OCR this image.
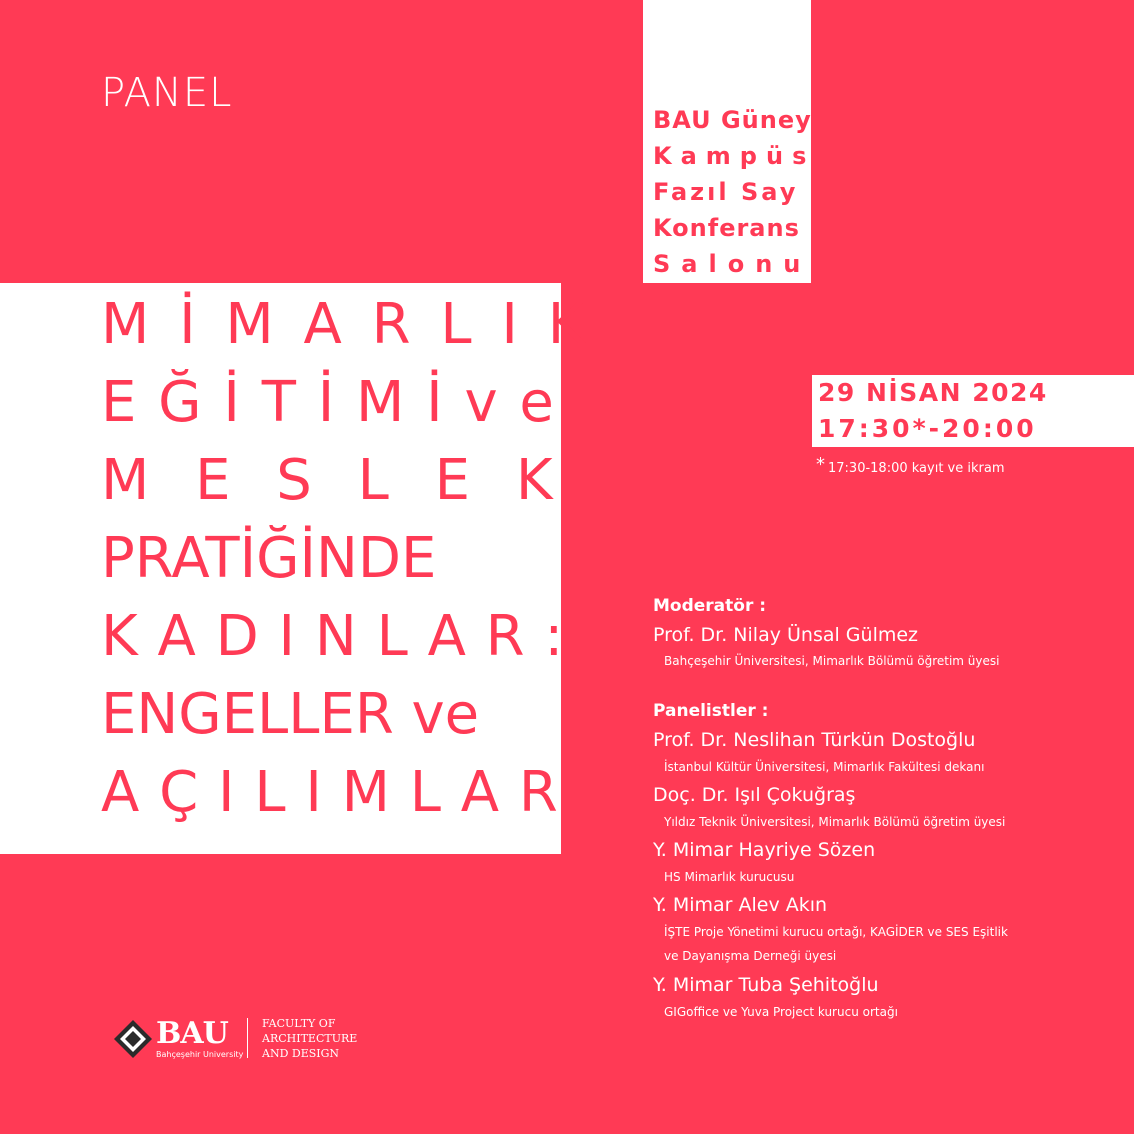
PANEL
BAU Güney
Kampüs
Fazıl Say
Konferans
Salonu
M İ M A R L I K
E Ğ İ T İ M İ v e
M E S L E K
PRATİĞİNDE
K A D I N L A R :
ENGELLER ve
A Ç I L I M L A R
29 NİSAN 2024
17:30*-20:00
* 17:30-18:00 kayıt ve ikram
Moderatör :
Prof. Dr. Nilay Ünsal Gülmez
Bahçeşehir Üniversitesi, Mimarlık Bölümü öğretim üyesi
Panelistler :
Prof. Dr. Neslihan Türkün Dostoğlu
İstanbul Kültür Üniversitesi, Mimarlık Fakültesi dekanı
Doç. Dr. Işıl Çokuğraş
Yıldız Teknik Üniversitesi, Mimarlık Bölümü öğretim üyesi
Y. Mimar Hayriye Sözen
HS Mimarlık kurucusu
Y. Mimar Alev Akın
İŞTE Proje Yönetimi kurucu ortağı, KAGİDER ve SES Eşitlik
ve Dayanışma Derneği üyesi
Y. Mimar Tuba Şehitoğlu
GIGoffice ve Yuva Project kurucu ortağı
BAU
Bahçeşehir University
FACULTY OF
ARCHITECTURE
AND DESIGN
